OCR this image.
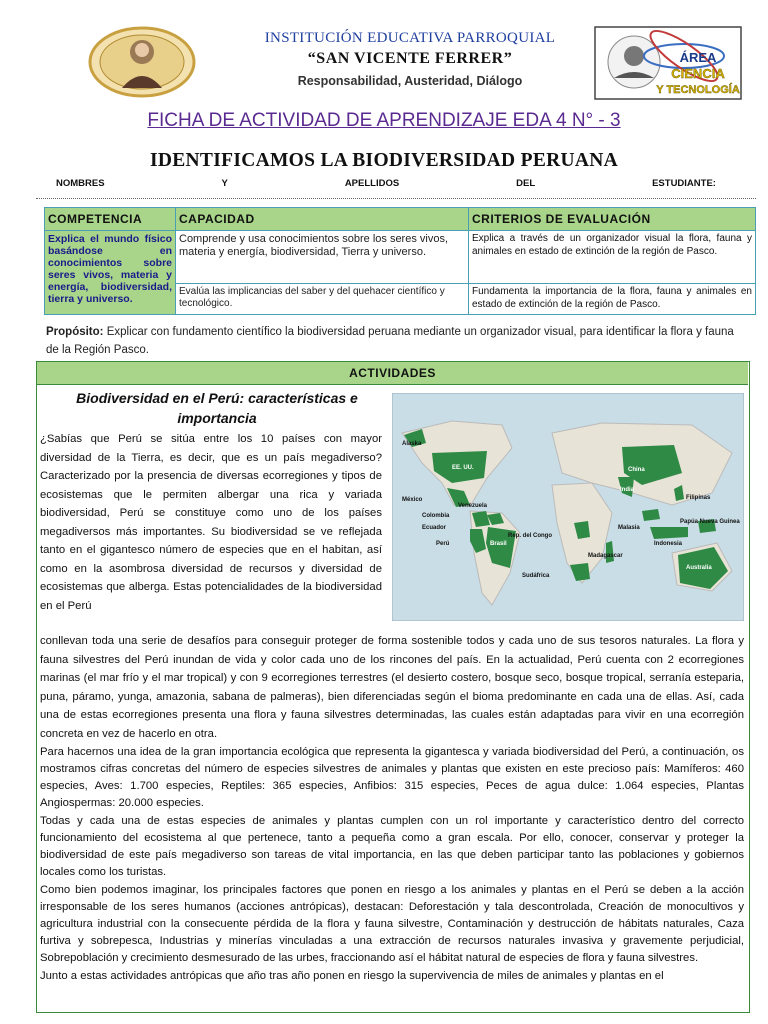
ÁREA
CIENCIA
Y TECNOLOGÍA
INSTITUCIÓN EDUCATIVA PARROQUIAL
“SAN VICENTE FERRER”
Responsabilidad, Austeridad, Diálogo
FICHA DE ACTIVIDAD DE APRENDIZAJE EDA 4 N° - 3
IDENTIFICAMOS LA BIODIVERSIDAD PERUANA
NOMBRES	Y	APELLIDOS	DEL	ESTUDIANTE:
COMPETENCIA	CAPACIDAD	CRITERIOS DE EVALUACIÓN
Explica el mundo físico basándose en conocimientos sobre seres vivos, materia y energía, biodiversidad, tierra y universo.	Comprende y usa conocimientos sobre los seres vivos, materia y energía, biodiversidad, Tierra y universo.	Explica a través de un organizador visual la flora, fauna y animales en estado de extinción de la región de Pasco.
	Evalúa las implicancias del saber y del quehacer científico y tecnológico.	Fundamenta la importancia de la flora, fauna y animales en estado de extinción de la región de Pasco.
Propósito: Explicar con fundamento científico la biodiversidad peruana mediante un organizador visual, para identificar la flora y fauna de la Región Pasco.
ACTIVIDADES
Biodiversidad en el Perú: características e importancia
¿Sabías que Perú se sitúa entre los 10 países con mayor diversidad de la Tierra, es decir, que es un país megadiverso? Caracterizado por la presencia de diversas ecorregiones y tipos de ecosistemas que le permiten albergar una rica y variada biodiversidad, Perú se constituye como uno de los países megadiversos más importantes. Su biodiversidad se ve reflejada tanto en el gigantesco número de especies que en el habitan, así como en la asombrosa diversidad de recursos y diversidad de ecosistemas que alberga. Estas potencialidades de la biodiversidad en el Perú
Alaska
EE. UU.
México
Colombia
Ecuador
Venezuela
Perú	Brasil
Rep. del Congo
Sudáfrica
Madagascar
China
India
Filipinas
Malasia
Indonesia
Papúa Nueva Guinea
Australia

conllevan toda una serie de desafíos para conseguir proteger de forma sostenible todos y cada uno de sus tesoros naturales. La flora y fauna silvestres del Perú inundan de vida y color cada uno de los rincones del país. En la actualidad, Perú cuenta con 2 ecorregiones marinas (el mar frío y el mar tropical) y con 9 ecorregiones terrestres (el desierto costero, bosque seco, bosque tropical, serranía esteparia, puna, páramo, yunga, amazonia, sabana de palmeras), bien diferenciadas según el bioma predominante en cada una de ellas. Así, cada una de estas ecorregiones presenta una flora y fauna silvestres determinadas, las cuales están adaptadas para vivir en una ecorregión concreta en vez de hacerlo en otra.

Para hacernos una idea de la gran importancia ecológica que representa la gigantesca y variada biodiversidad del Perú, a continuación, os mostramos cifras concretas del número de especies silvestres de animales y plantas que existen en este precioso país: Mamíferos: 460 especies, Aves: 1.700 especies, Reptiles: 365 especies, Anfibios: 315 especies, Peces de agua dulce: 1.064 especies, Plantas Angiospermas: 20.000 especies.

Todas y cada una de estas especies de animales y plantas cumplen con un rol importante y característico dentro del correcto funcionamiento del ecosistema al que pertenece, tanto a pequeña como a gran escala. Por ello, conocer, conservar y proteger la biodiversidad de este país megadiverso son tareas de vital importancia, en las que deben participar tanto las poblaciones y gobiernos locales como los turistas.

Como bien podemos imaginar, los principales factores que ponen en riesgo a los animales y plantas en el Perú se deben a la acción irresponsable de los seres humanos (acciones antrópicas), destacan: Deforestación y tala descontrolada, Creación de monocultivos y agricultura industrial con la consecuente pérdida de la flora y fauna silvestre, Contaminación y destrucción de hábitats naturales, Caza furtiva y sobrepesca, Industrias y minerías vinculadas a una extracción de recursos naturales invasiva y gravemente perjudicial, Sobrepoblación y crecimiento desmesurado de las urbes, fraccionando así el hábitat natural de especies de flora y fauna silvestres.

Junto a estas actividades antrópicas que año tras año ponen en riesgo la supervivencia de miles de animales y plantas en el
